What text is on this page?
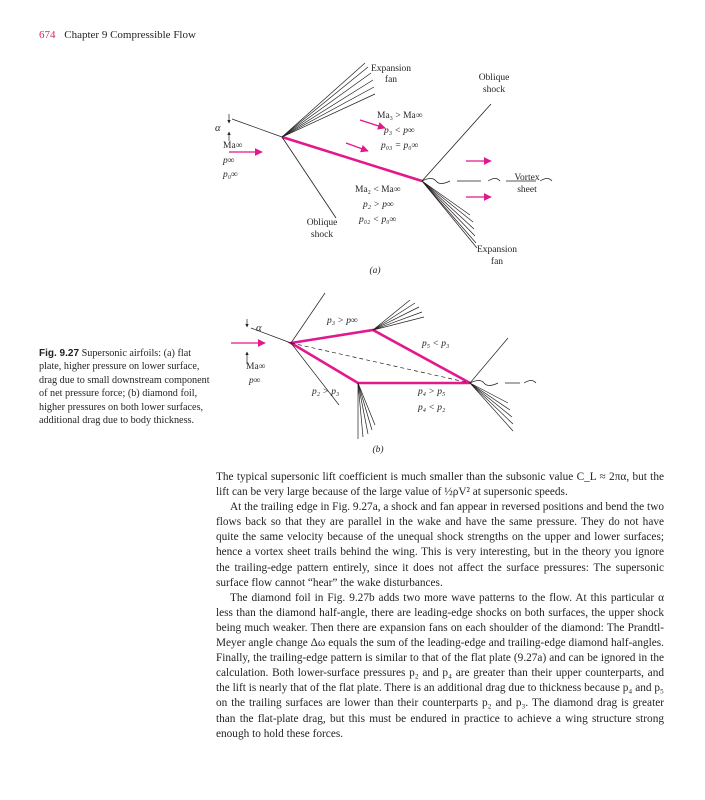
674 Chapter 9 Compressible Flow
Expansion
fan	Oblique
shock
Ma₃ > Ma∞
p₃ < p∞
p₀₃ = p₀∞
α
Ma∞
p∞
p₀∞
Ma₂ < Ma∞
p₂ > p∞
p₀₂ < p₀∞
Oblique
shock
Vortex
sheet
Expansion
fan
(a)
α
Ma∞
p∞
p₃ > p∞
p₅ < p₃
p₂ > p₃	p₄ > p₅
p₄ < p₂
(b)
Fig. 9.27 Supersonic airfoils: (a) flat plate, higher pressure on lower surface, drag due to small downstream component of net pressure force; (b) diamond foil, higher pressures on both lower surfaces, additional drag due to body thickness.

The typical supersonic lift coefficient is much smaller than the subsonic value C_L ≈ 2πα, but the lift can be very large because of the large value of ½ρV² at supersonic speeds.

At the trailing edge in Fig. 9.27a, a shock and fan appear in reversed positions and bend the two flows back so that they are parallel in the wake and have the same pressure. They do not have quite the same velocity because of the unequal shock strengths on the upper and lower surfaces; hence a vortex sheet trails behind the wing. This is very interesting, but in the theory you ignore the trailing-edge pattern entirely, since it does not affect the surface pressures: The supersonic surface flow cannot “hear” the wake disturbances.

The diamond foil in Fig. 9.27b adds two more wave patterns to the flow. At this particular α less than the diamond half-angle, there are leading-edge shocks on both surfaces, the upper shock being much weaker. Then there are expansion fans on each shoulder of the diamond: The Prandtl-Meyer angle change Δω equals the sum of the leading-edge and trailing-edge diamond half-angles. Finally, the trailing-edge pattern is similar to that of the flat plate (9.27a) and can be ignored in the calculation. Both lower-surface pressures p₂ and p₄ are greater than their upper counterparts, and the lift is nearly that of the flat plate. There is an additional drag due to thickness because p₄ and p₅ on the trailing surfaces are lower than their counterparts p₂ and p₃. The diamond drag is greater than the flat-plate drag, but this must be endured in practice to achieve a wing structure strong enough to hold these forces.
